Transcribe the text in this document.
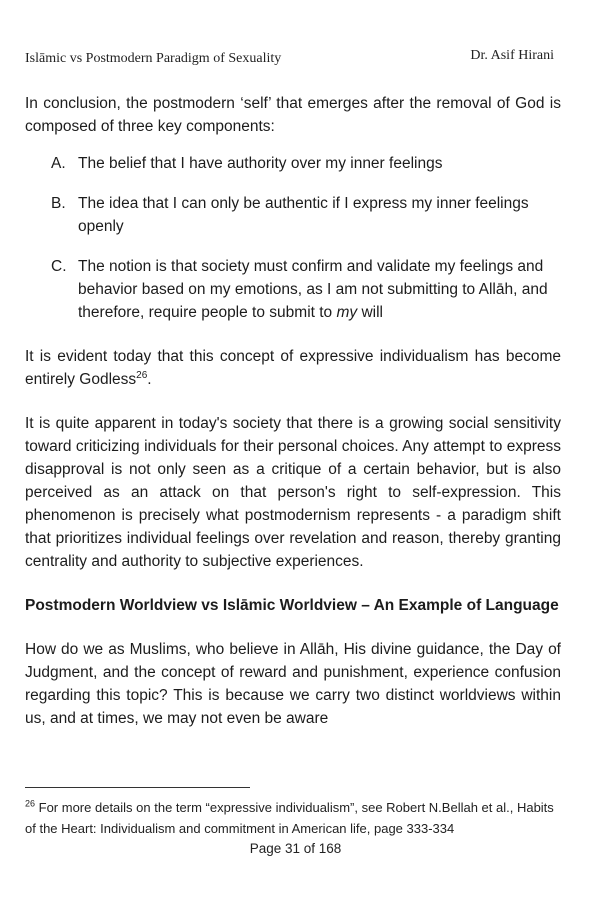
Islāmic vs Postmodern Paradigm of Sexuality	Dr. Asif Hirani

In conclusion, the postmodern ‘self’ that emerges after the removal of God is composed of three key components:

A. The belief that I have authority over my inner feelings
B. The idea that I can only be authentic if I express my inner feelings openly
C. The notion is that society must confirm and validate my feelings and behavior based on my emotions, as I am not submitting to Allāh, and therefore, require people to submit to my will

It is evident today that this concept of expressive individualism has become entirely Godless$^{26}$.

It is quite apparent in today's society that there is a growing social sensitivity toward criticizing individuals for their personal choices. Any attempt to express disapproval is not only seen as a critique of a certain behavior, but is also perceived as an attack on that person's right to self-expression. This phenomenon is precisely what postmodernism represents - a paradigm shift that prioritizes individual feelings over revelation and reason, thereby granting centrality and authority to subjective experiences.

Postmodern Worldview vs Islāmic Worldview – An Example of Language

How do we as Muslims, who believe in Allāh, His divine guidance, the Day of Judgment, and the concept of reward and punishment, experience confusion regarding this topic? This is because we carry two distinct worldviews within us, and at times, we may not even be aware

$^{26}$ For more details on the term “expressive individualism”, see Robert N.Bellah et al., Habits of the Heart: Individualism and commitment in American life, page 333-334
Page 31 of 168
